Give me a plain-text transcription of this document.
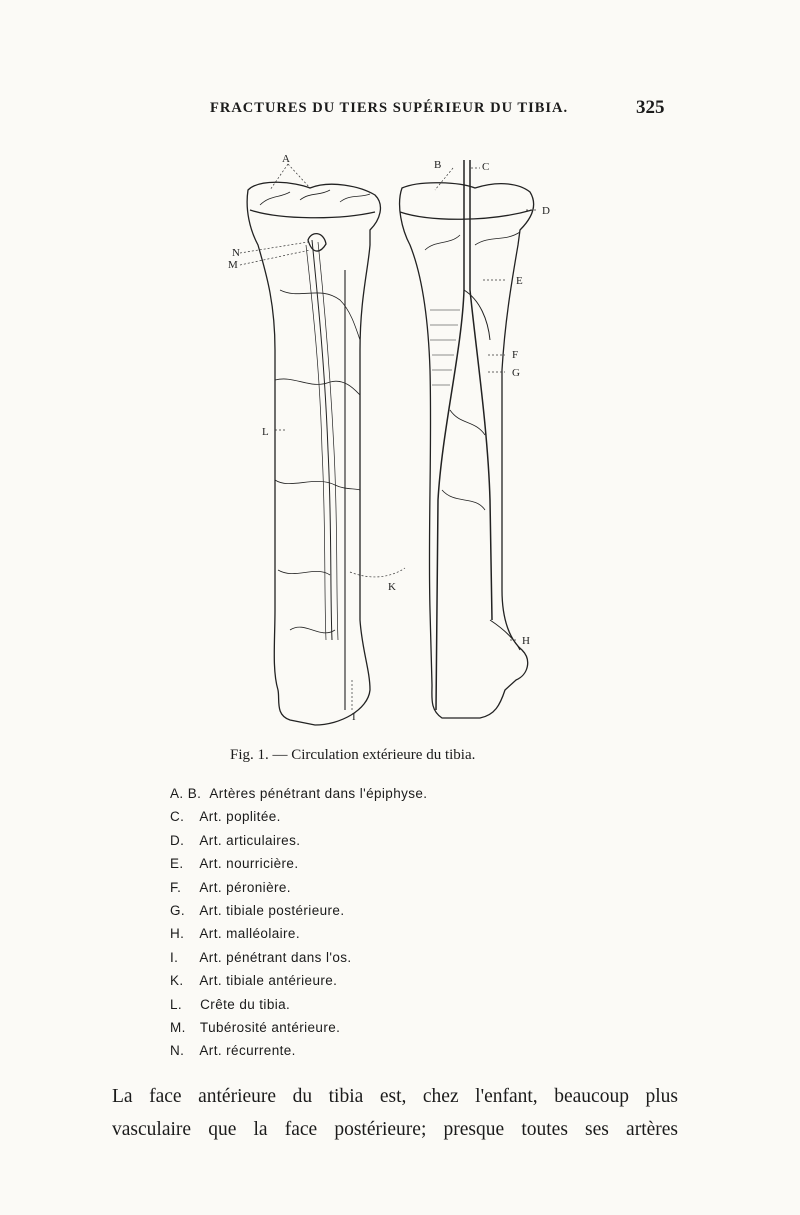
FRACTURES DU TIERS SUPÉRIEUR DU TIBIA.	325
A	B	C
D
E
F
G
H
I
K
L
M
N
Fig. 1. — Circulation extérieure du tibia.
A. B. Artères pénétrant dans l'épiphyse.
C. Art. poplitée.
D. Art. articulaires.
E. Art. nourricière.
F. Art. péronière.
G. Art. tibiale postérieure.
H. Art. malléolaire.
I. Art. pénétrant dans l'os.
K. Art. tibiale antérieure.
L. Crête du tibia.
M. Tubérosité antérieure.
N. Art. récurrente.
La face antérieure du tibia est, chez l'enfant, beaucoup plus
vasculaire que la face postérieure; presque toutes ses artères
